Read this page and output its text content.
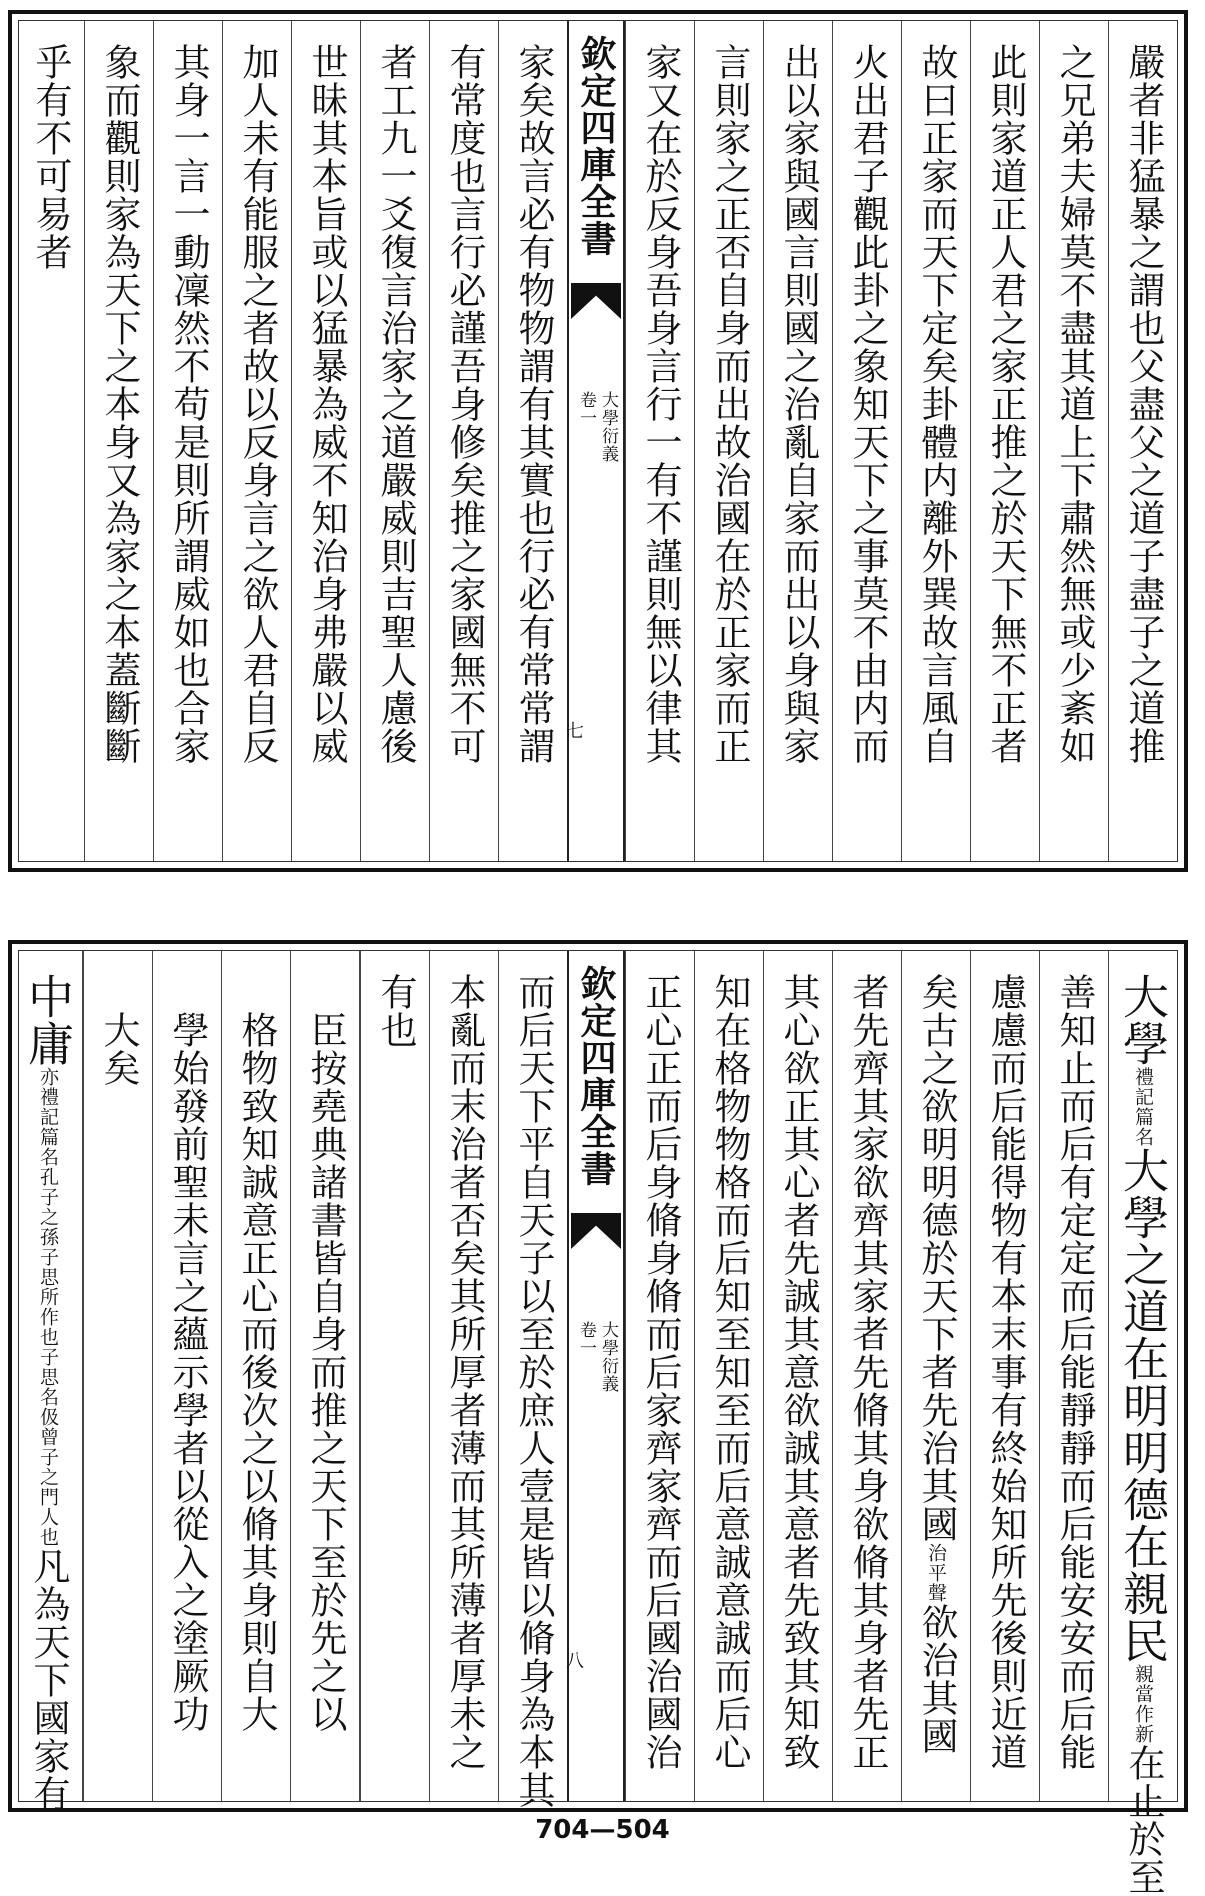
嚴者非猛暴之謂也父盡父之道子盡子之道推
之兄弟夫婦莫不盡其道上下肅然無或少紊如
此則家道正人君之家正推之於天下無不正者
故曰正家而天下定矣卦體内離外巽故言風自
火出君子觀此卦之象知天下之事莫不由内而
出以家與國言則國之治亂自家而出以身與家
言則家之正否自身而出故治國在於正家而正
家又在於反身吾身言行一有不謹則無以律其
欽定四庫全書
大學衍義
卷一
七
家矣故言必有物物謂有其實也行必有常常謂
有常度也言行必謹吾身修矣推之家國無不可
者工九一爻復言治家之道嚴威則吉聖人慮後
世昧其本旨或以猛暴為威不知治身弗嚴以威
加人未有能服之者故以反身言之欲人君自反
其身一言一動凜然不苟是則所謂威如也合家
象而觀則家為天下之本身又為家之本蓋斷斷
乎有不可易者
大學禮記篇名大學之道在明明德在親民親當作新在止於至
善知止而后有定定而后能靜靜而后能安安而后能
慮慮而后能得物有本末事有終始知所先後則近道
矣古之欲明明德於天下者先治其國治平聲欲治其國
者先齊其家欲齊其家者先脩其身欲脩其身者先正
其心欲正其心者先誠其意欲誠其意者先致其知致
知在格物物格而后知至知至而后意誠意誠而后心
正心正而后身脩身脩而后家齊家齊而后國治國治
欽定四庫全書
大學衍義
卷一
八
而后天下平自天子以至於庶人壹是皆以脩身為本其
本亂而末治者否矣其所厚者薄而其所薄者厚未之
有也
臣按堯典諸書皆自身而推之天下至於先之以
格物致知誠意正心而後次之以脩其身則自大
學始發前聖未言之蘊示學者以從入之塗厥功
大矣
中庸亦禮記篇名孔子之孫子思所作也子思名伋曾子之門人也凡為天下國家有
704—504
